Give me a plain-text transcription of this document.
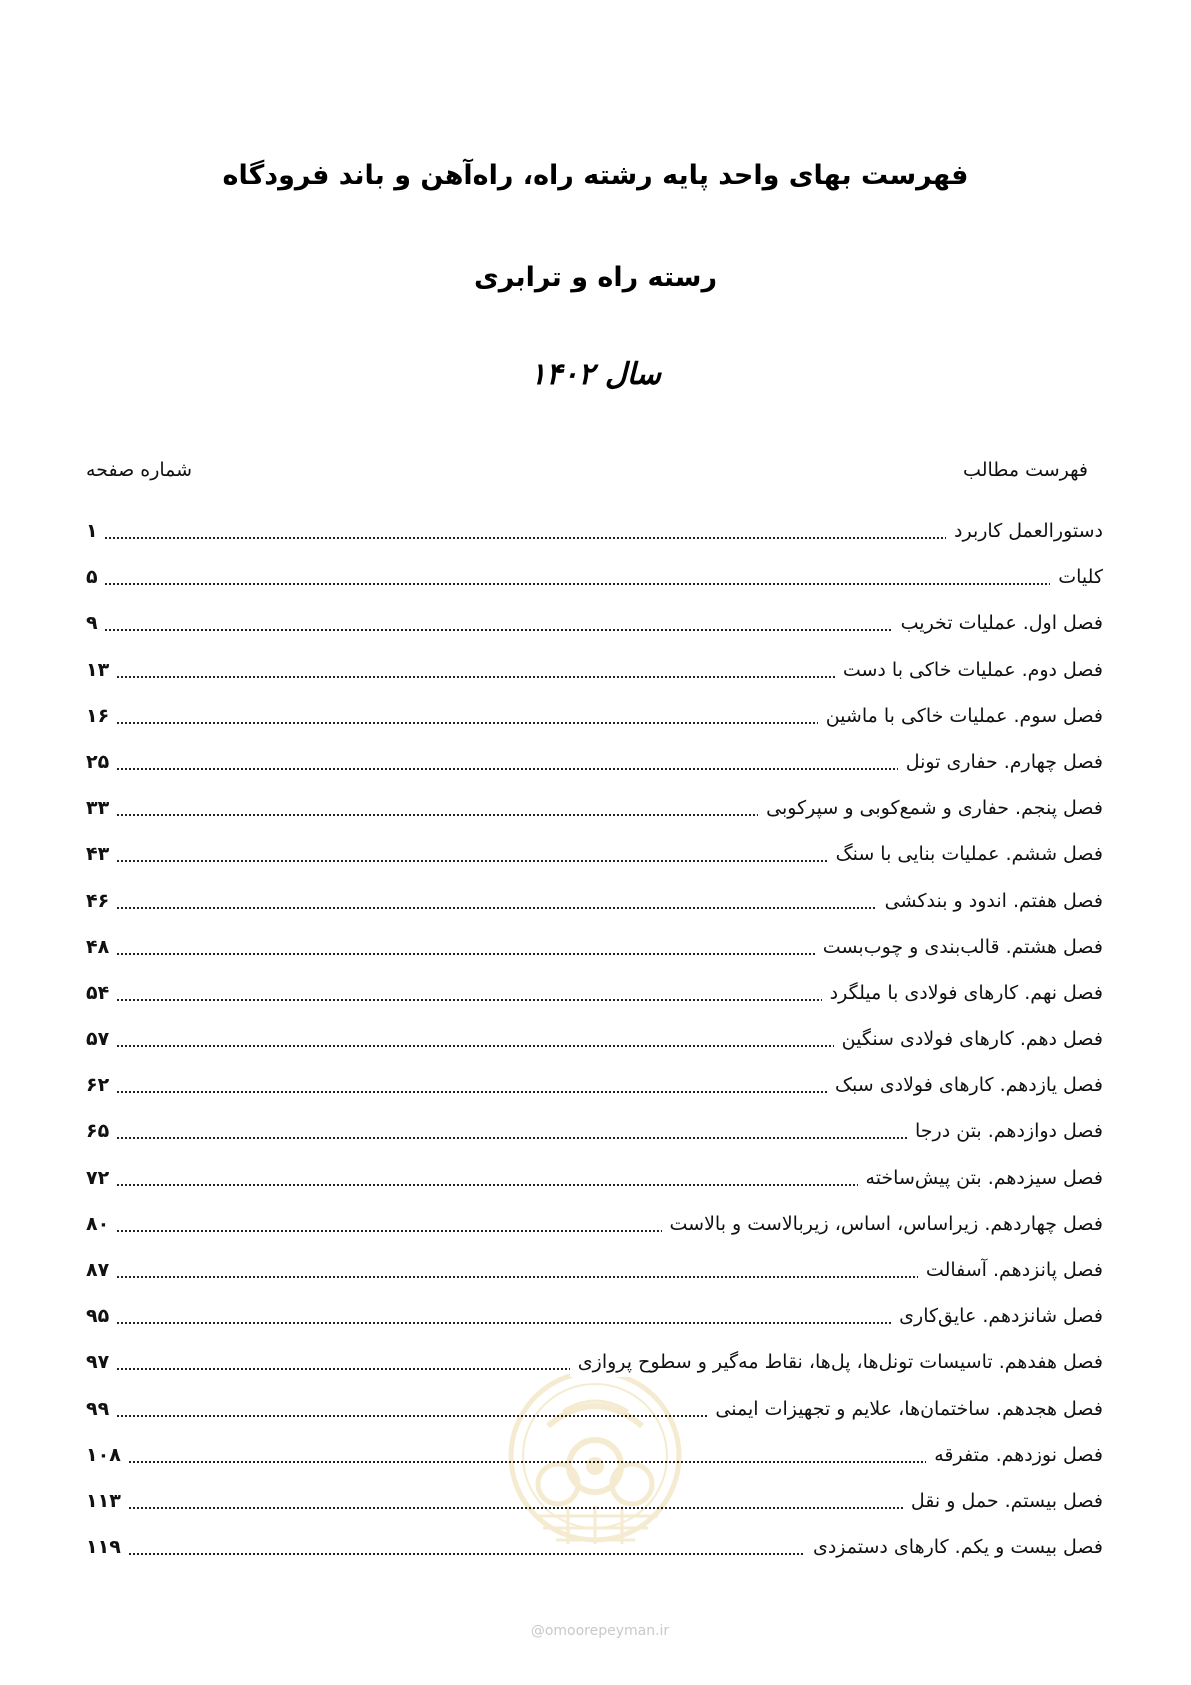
فهرست بهای واحد پایه رشته راه، راه‌آهن و باند فرودگاه
رسته راه و ترابری
سال ۱۴۰۲
فهرست مطالب
شماره صفحه
دستورالعمل کاربرد
۱
کلیات
۵
فصل اول. عملیات تخریب
۹
فصل دوم. عملیات خاکی با دست
۱۳
فصل سوم. عملیات خاکی با ماشین
۱۶
فصل چهارم. حفاری تونل
۲۵
فصل پنجم. حفاری و شمع‌کوبی و سپرکوبی
۳۳
فصل ششم. عملیات بنایی با سنگ
۴۳
فصل هفتم. اندود و بندکشی
۴۶
فصل هشتم. قالب‌بندی و چوب‌بست
۴۸
فصل نهم. کارهای فولادی با میلگرد
۵۴
فصل دهم. کارهای فولادی سنگین
۵۷
فصل یازدهم. کارهای فولادی سبک
۶۲
فصل دوازدهم. بتن درجا
۶۵
فصل سیزدهم. بتن پیش‌ساخته
۷۲
فصل چهاردهم. زیراساس، اساس، زیربالاست و بالاست
۸۰
فصل پانزدهم. آسفالت
۸۷
فصل شانزدهم. عایق‌کاری
۹۵
فصل هفدهم. تاسیسات تونل‌ها، پل‌ها، نقاط مه‌گیر و سطوح پروازی
۹۷
فصل هجدهم. ساختمان‌ها، علایم و تجهیزات ایمنی
۹۹
فصل نوزدهم. متفرقه
۱۰۸
فصل بیستم. حمل و نقل
۱۱۳
فصل بیست و یکم. کارهای دستمزدی
۱۱۹
@omoorepeyman.ir
